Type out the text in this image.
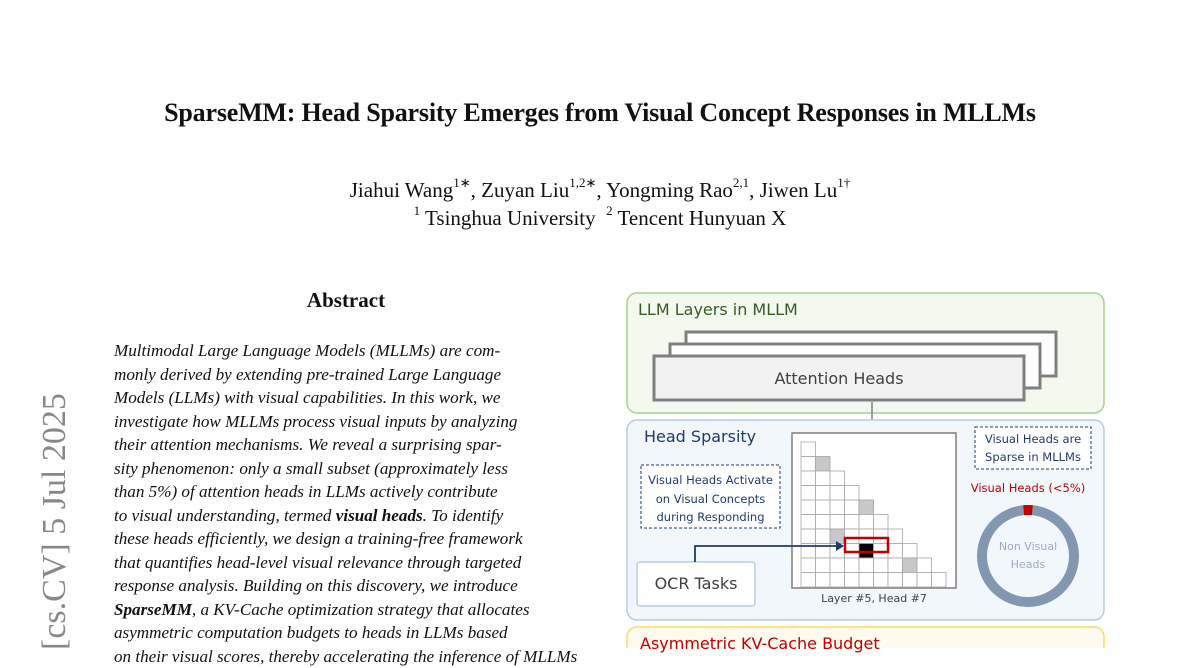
SparseMM: Head Sparsity Emerges from Visual Concept Responses in MLLMs
Jiahui Wang$^{1∗}$, Zuyan Liu$^{1,2∗}$, Yongming Rao$^{2,1}$, Jiwen $Lu^{1\dagger}$
$^1$ Tsinghua University $^2$ Tencent Hunyuan X
[cs.CV] 5 Jul 2025
Abstract
Multimodal Large Language Models (MLLMs) are com-
monly derived by extending pre-trained Large Language
Models (LLMs) with visual capabilities. In this work, we
investigate how MLLMs process visual inputs by analyzing
their attention mechanisms. We reveal a surprising spar-
sity phenomenon: only a small subset (approximately less
than 5%) of attention heads in LLMs actively contribute
to visual understanding, termed visual heads. To identify
these heads efficiently, we design a training-free framework
that quantifies head-level visual relevance through targeted
response analysis. Building on this discovery, we introduce
SparseMM, a KV-Cache optimization strategy that allocates
asymmetric computation budgets to heads in LLMs based
on their visual scores, thereby accelerating the inference of MLLMs
LLM Layers in MLLM
Attention Heads
Head Sparsity
Visual Heads Activate
on Visual Concepts
during Responding
Visual Heads are
Sparse in MLLMs
Visual Heads (<5%)
Non Visual
Heads
OCR Tasks
Layer #5, Head #7
Asymmetric KV-Cache Budget
